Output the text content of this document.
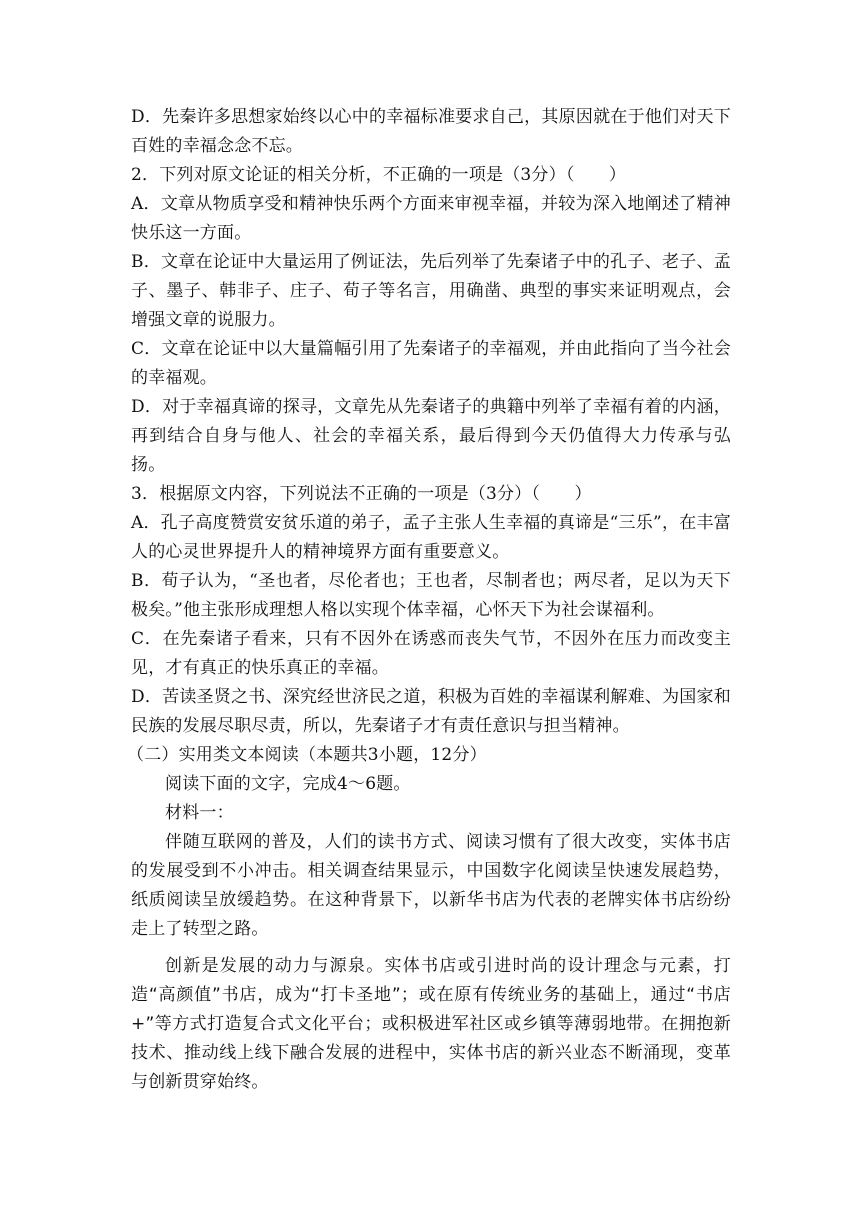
D．先秦许多思想家始终以心中的幸福标准要求自己，其原因就在于他们对天下百姓的幸福念念不忘。

2．下列对原文论证的相关分析，不正确的一项是（3分）（　　）

A．文章从物质享受和精神快乐两个方面来审视幸福，并较为深入地阐述了精神快乐这一方面。

B．文章在论证中大量运用了例证法，先后列举了先秦诸子中的孔子、老子、孟子、墨子、韩非子、庄子、荀子等名言，用确凿、典型的事实来证明观点，会增强文章的说服力。

C．文章在论证中以大量篇幅引用了先秦诸子的幸福观，并由此指向了当今社会的幸福观。

D．对于幸福真谛的探寻，文章先从先秦诸子的典籍中列举了幸福有着的内涵，再到结合自身与他人、社会的幸福关系，最后得到今天仍值得大力传承与弘扬。

3．根据原文内容，下列说法不正确的一项是（3分）（　　）

A．孔子高度赞赏安贫乐道的弟子，孟子主张人生幸福的真谛是“三乐”，在丰富人的心灵世界提升人的精神境界方面有重要意义。

B．荀子认为，“圣也者，尽伦者也；王也者，尽制者也；两尽者，足以为天下极矣。”他主张形成理想人格以实现个体幸福，心怀天下为社会谋福利。

C．在先秦诸子看来，只有不因外在诱惑而丧失气节，不因外在压力而改变主见，才有真正的快乐真正的幸福。

D．苦读圣贤之书、深究经世济民之道，积极为百姓的幸福谋利解难、为国家和民族的发展尽职尽责，所以，先秦诸子才有责任意识与担当精神。

（二）实用类文本阅读（本题共3小题，12分）

阅读下面的文字，完成4～6题。

材料一：

伴随互联网的普及，人们的读书方式、阅读习惯有了很大改变，实体书店的发展受到不小冲击。相关调查结果显示，中国数字化阅读呈快速发展趋势，纸质阅读呈放缓趋势。在这种背景下，以新华书店为代表的老牌实体书店纷纷走上了转型之路。

创新是发展的动力与源泉。实体书店或引进时尚的设计理念与元素，打造“高颜值”书店，成为“打卡圣地”；或在原有传统业务的基础上，通过“书店+”等方式打造复合式文化平台；或积极进军社区或乡镇等薄弱地带。在拥抱新技术、推动线上线下融合发展的进程中，实体书店的新兴业态不断涌现，变革与创新贯穿始终。
